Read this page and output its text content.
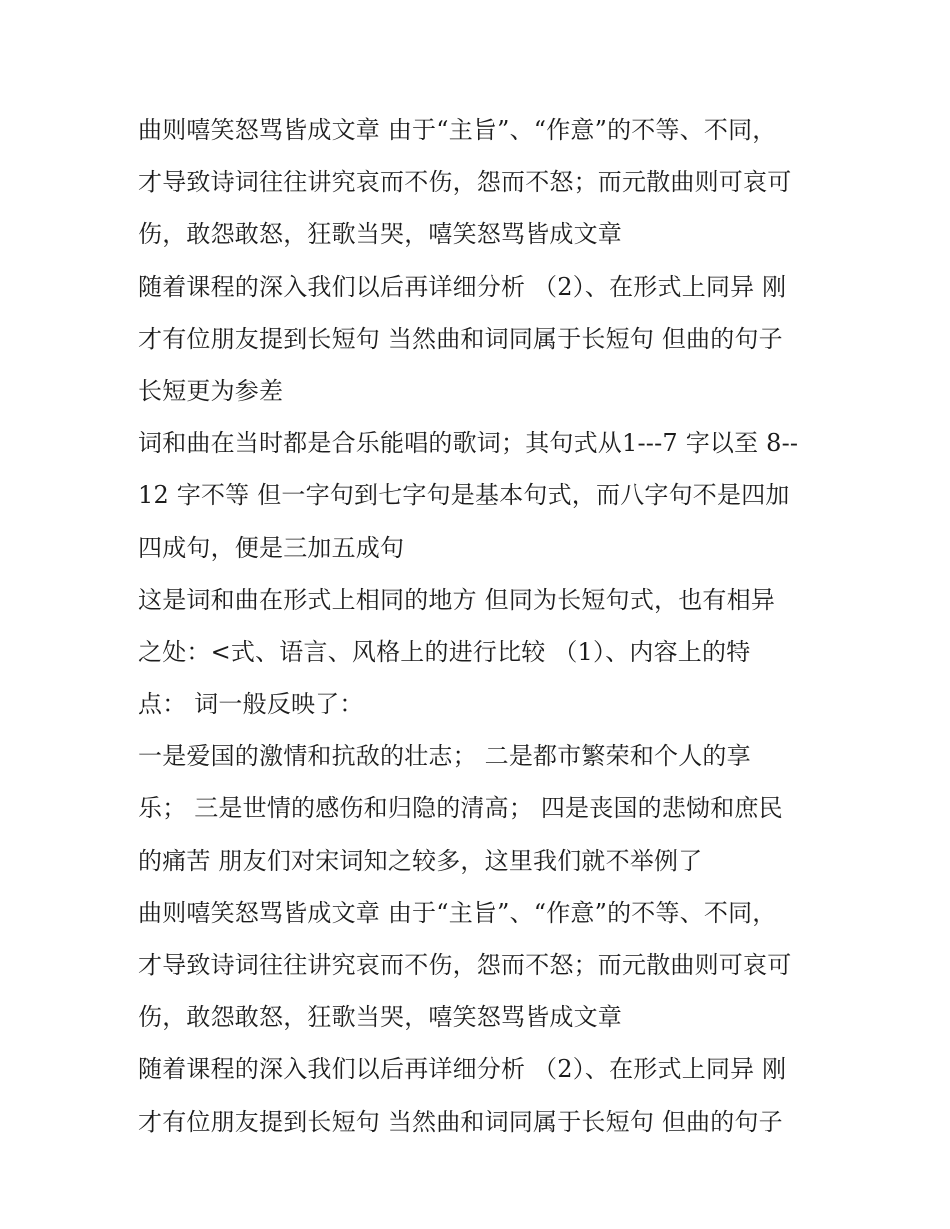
曲则嘻笑怒骂皆成文章 由于“主旨”、“作意”的不等、不同，
才导致诗词往往讲究哀而不伤，怨而不怒；而元散曲则可哀可
伤，敢怨敢怒，狂歌当哭，嘻笑怒骂皆成文章
随着课程的深入我们以后再详细分析 （2）、在形式上同异 刚
才有位朋友提到长短句 当然曲和词同属于长短句 但曲的句子
长短更为参差
词和曲在当时都是合乐能唱的歌词；其句式从1---7 字以至 8--
12 字不等 但一字句到七字句是基本句式，而八字句不是四加
四成句，便是三加五成句
这是词和曲在形式上相同的地方 但同为长短句式，也有相异
之处：<式、语言、风格上的进行比较 （1）、内容上的特
点： 词一般反映了：
一是爱国的激情和抗敌的壮志； 二是都市繁荣和个人的享
乐； 三是世情的感伤和归隐的清高； 四是丧国的悲恸和庶民
的痛苦 朋友们对宋词知之较多，这里我们就不举例了
曲则嘻笑怒骂皆成文章 由于“主旨”、“作意”的不等、不同，
才导致诗词往往讲究哀而不伤，怨而不怒；而元散曲则可哀可
伤，敢怨敢怒，狂歌当哭，嘻笑怒骂皆成文章
随着课程的深入我们以后再详细分析 （2）、在形式上同异 刚
才有位朋友提到长短句 当然曲和词同属于长短句 但曲的句子
